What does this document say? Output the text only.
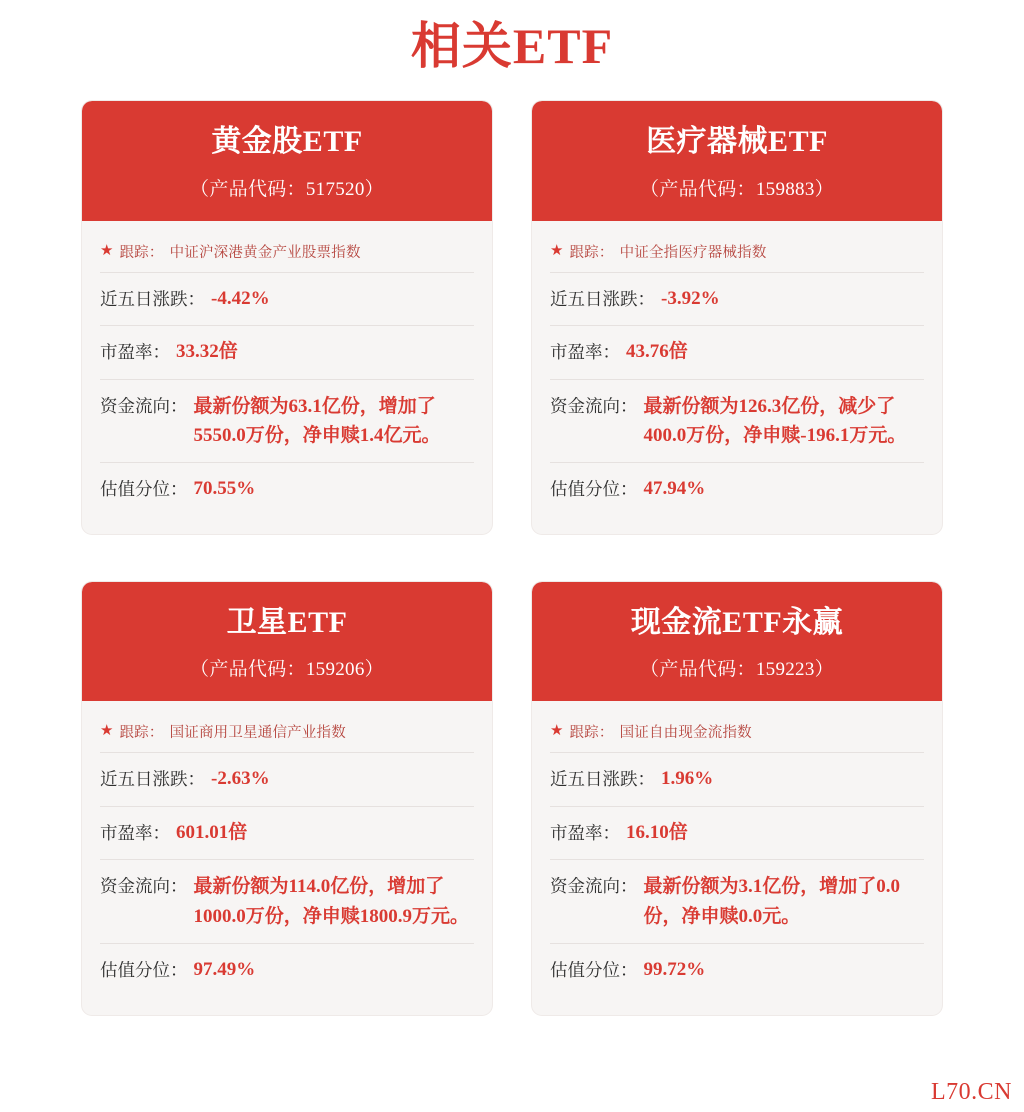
相关ETF
黄金股ETF
（产品代码：517520）
★ 跟踪： 中证沪深港黄金产业股票指数
近五日涨跌： -4.42%
市盈率： 33.32倍
资金流向： 最新份额为63.1亿份，增加了5550.0万份，净申赎1.4亿元。
估值分位： 70.55%
医疗器械ETF
（产品代码：159883）
★ 跟踪： 中证全指医疗器械指数
近五日涨跌： -3.92%
市盈率： 43.76倍
资金流向： 最新份额为126.3亿份，减少了400.0万份，净申赎-196.1万元。
估值分位： 47.94%
卫星ETF
（产品代码：159206）
★ 跟踪： 国证商用卫星通信产业指数
近五日涨跌： -2.63%
市盈率： 601.01倍
资金流向： 最新份额为114.0亿份，增加了1000.0万份，净申赎1800.9万元。
估值分位： 97.49%
现金流ETF永赢
（产品代码：159223）
★ 跟踪： 国证自由现金流指数
近五日涨跌： 1.96%
市盈率： 16.10倍
资金流向： 最新份额为3.1亿份，增加了0.0份，净申赎0.0元。
估值分位： 99.72%
L70.CN
